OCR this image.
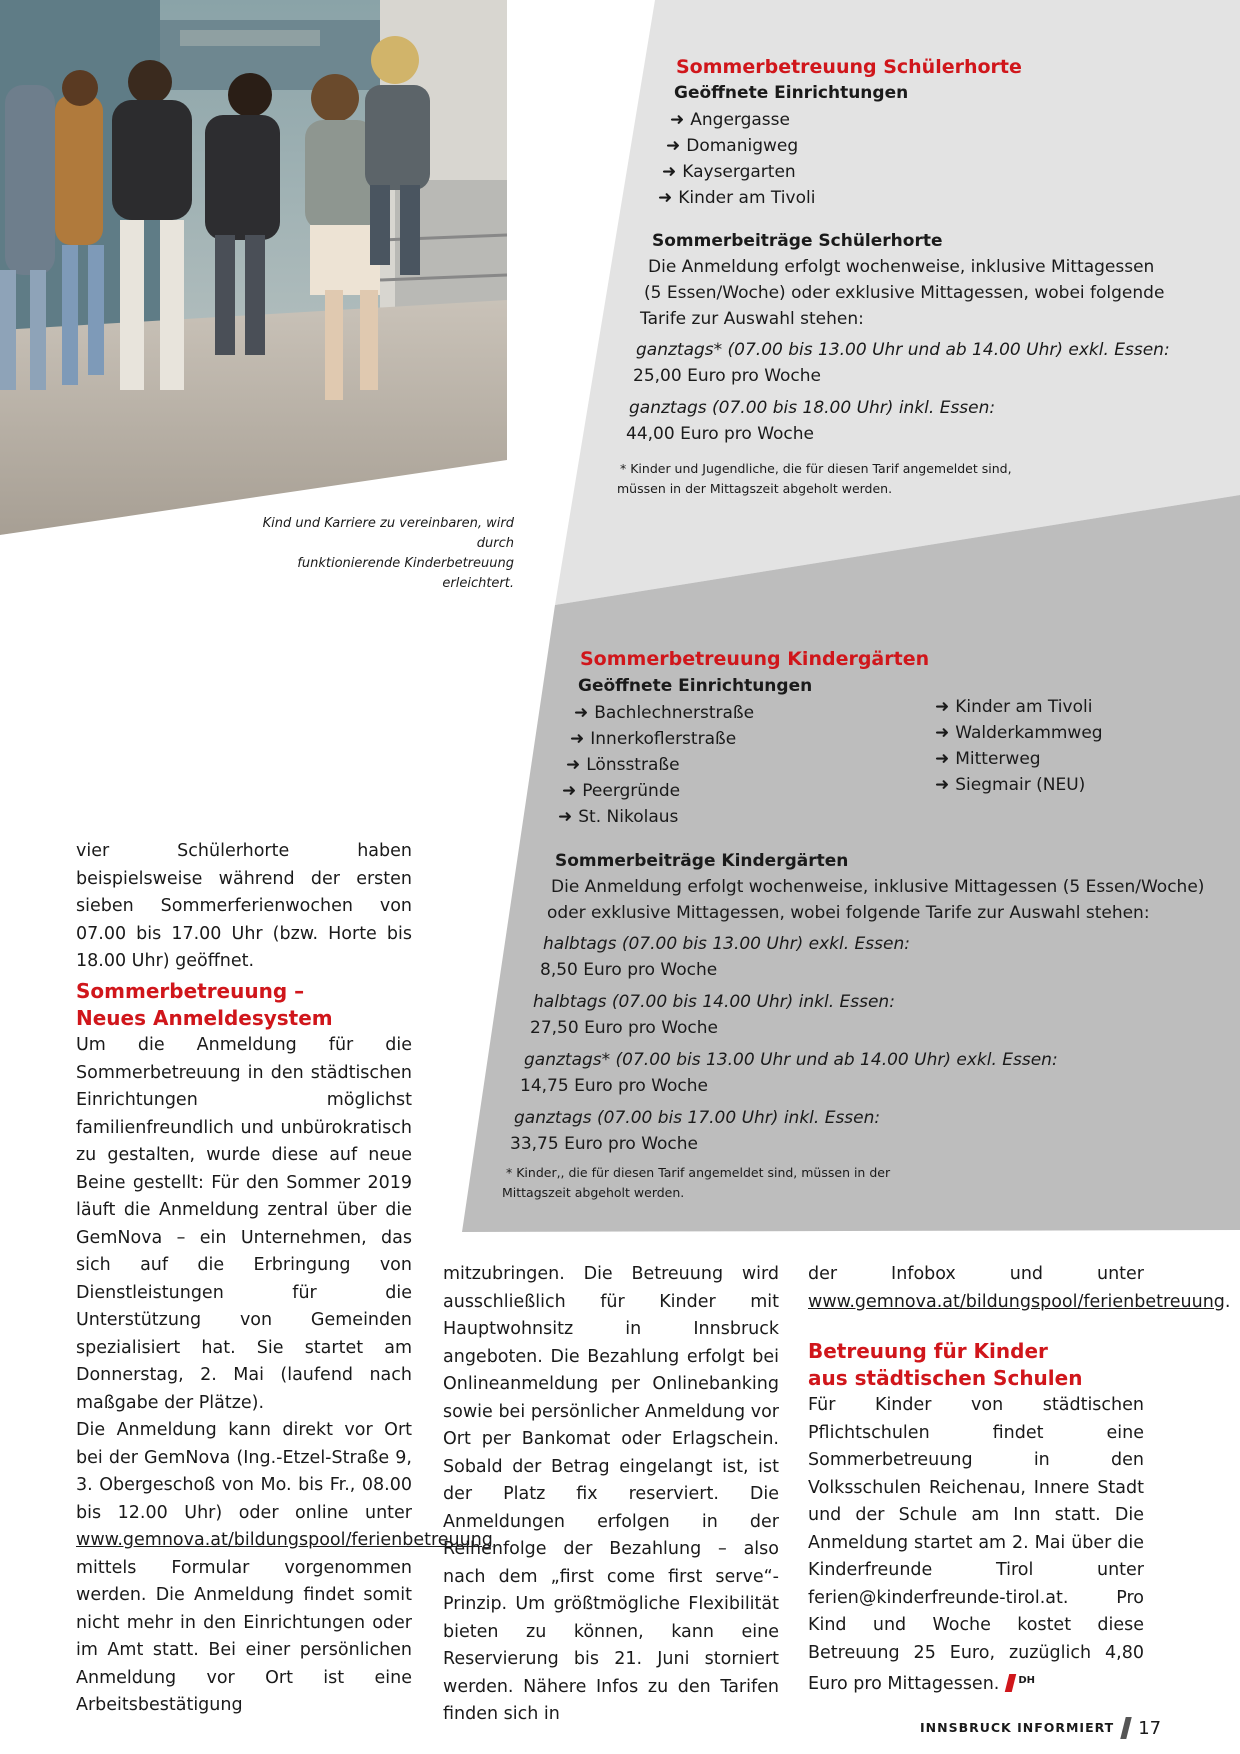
Kind und Karriere zu vereinbaren, wird durch
funktionierende Kinderbetreuung erleichtert.
Sommerbetreuung Schülerhorte
Geöffnete Einrichtungen
➜ Angergasse
➜ Domanigweg
➜ Kaysergarten
➜ Kinder am Tivoli
Sommerbeiträge Schülerhorte
Die Anmeldung erfolgt wochenweise, inklusive Mittagessen
(5 Essen/Woche) oder exklusive Mittagessen, wobei folgende
Tarife zur Auswahl stehen:
ganztags* (07.00 bis 13.00 Uhr und ab 14.00 Uhr) exkl. Essen:
25,00 Euro pro Woche
ganztags (07.00 bis 18.00 Uhr) inkl. Essen:
44,00 Euro pro Woche
* Kinder und Jugendliche, die für diesen Tarif angemeldet sind,
müssen in der Mittagszeit abgeholt werden.
Sommerbetreuung Kindergärten
Geöffnete Einrichtungen
➜ Bachlechnerstraße
➜ Innerkoflerstraße
➜ Lönsstraße
➜ Peergründe
➜ St. Nikolaus
➜ Kinder am Tivoli
➜ Walderkammweg
➜ Mitterweg
➜ Siegmair (NEU)
Sommerbeiträge Kindergärten
Die Anmeldung erfolgt wochenweise, inklusive Mittagessen (5 Essen/Woche)
oder exklusive Mittagessen, wobei folgende Tarife zur Auswahl stehen:
halbtags (07.00 bis 13.00 Uhr) exkl. Essen:
8,50 Euro pro Woche
halbtags (07.00 bis 14.00 Uhr) inkl. Essen:
27,50 Euro pro Woche
ganztags* (07.00 bis 13.00 Uhr und ab 14.00 Uhr) exkl. Essen:
14,75 Euro pro Woche
ganztags (07.00 bis 17.00 Uhr) inkl. Essen:
33,75 Euro pro Woche
* Kinder,, die für diesen Tarif angemeldet sind, müssen in der
Mittagszeit abgeholt werden.

vier Schülerhorte haben beispielsweise während der ersten sieben Sommerferienwochen von 07.00 bis 17.00 Uhr (bzw. Horte bis 18.00 Uhr) geöffnet.

Sommerbetreuung –
Neues Anmeldesystem

Um die Anmeldung für die Sommerbetreuung in den städtischen Einrichtungen möglichst familienfreundlich und unbürokratisch zu gestalten, wurde diese auf neue Beine gestellt: Für den Sommer 2019 läuft die Anmeldung zentral über die GemNova – ein Unternehmen, das sich auf die Erbringung von Dienstleistungen für die Unterstützung von Gemeinden spezialisiert hat. Sie startet am Donnerstag, 2. Mai (laufend nach maßgabe der Plätze).

Die Anmeldung kann direkt vor Ort bei der GemNova (Ing.-Etzel-Straße 9, 3. Obergeschoß von Mo. bis Fr., 08.00 bis 12.00 Uhr) oder online unter www.gemnova.at/bildungspool/ferienbetreuung mittels Formular vorgenommen werden. Die Anmeldung findet somit nicht mehr in den Einrichtungen oder im Amt statt. Bei einer persönlichen Anmeldung vor Ort ist eine Arbeitsbestätigung

mitzubringen. Die Betreuung wird ausschließlich für Kinder mit Hauptwohnsitz in Innsbruck angeboten. Die Bezahlung erfolgt bei Onlineanmeldung per Onlinebanking sowie bei persönlicher Anmeldung vor Ort per Bankomat oder Erlagschein. Sobald der Betrag eingelangt ist, ist der Platz fix reserviert. Die Anmeldungen erfolgen in der Reihenfolge der Bezahlung – also nach dem „first come first serve“-Prinzip. Um größtmögliche Flexibilität bieten zu können, kann eine Reservierung bis 21. Juni storniert werden. Nähere Infos zu den Tarifen finden sich in

der Infobox und unter www.gemnova.at/bildungspool/ferienbetreuung.

Betreuung für Kinder
aus städtischen Schulen

Für Kinder von städtischen Pflichtschulen findet eine Sommerbetreuung in den Volksschulen Reichenau, Innere Stadt und der Schule am Inn statt. Die Anmeldung startet am 2. Mai über die Kinderfreunde Tirol unter ferien@kinderfreunde-tirol.at. Pro Kind und Woche kostet diese Betreuung 25 Euro, zuzüglich 4,80 Euro pro Mittagessen. $^{DH}$

INNSBRUCK INFORMIERT 17
